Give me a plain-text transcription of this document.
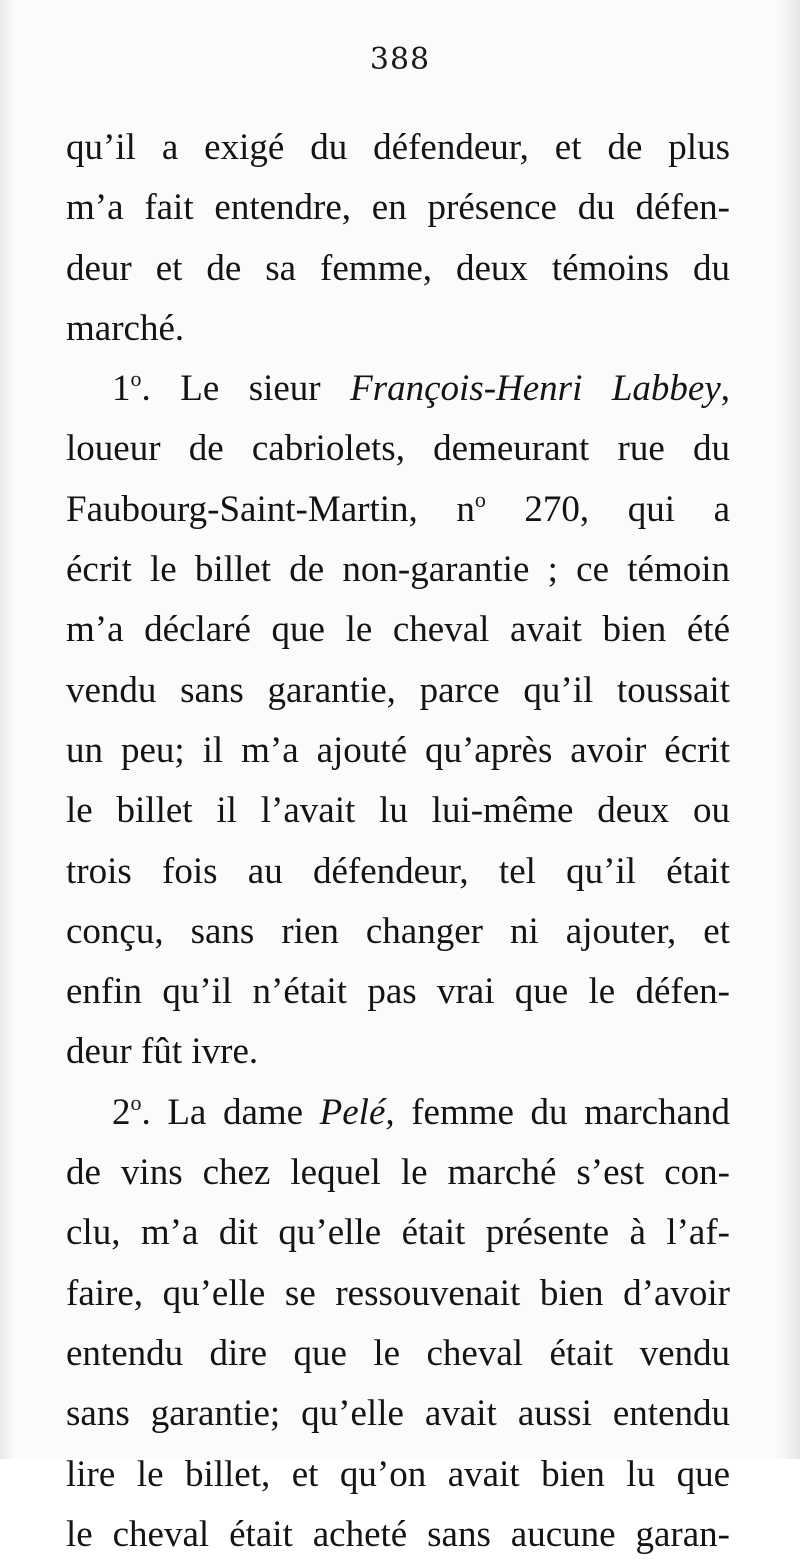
388
qu’il a exigé du défendeur, et de plus
m’a fait entendre, en présence du défen-
deur et de sa femme, deux témoins du
marché.
1$^o$. Le sieur François-Henri Labbey,
loueur de cabriolets, demeurant rue du
Faubourg-Saint-Martin, $n^o$ 270, qui a
écrit le billet de non-garantie ; ce témoin
m’a déclaré que le cheval avait bien été
vendu sans garantie, parce qu’il toussait
un peu; il m’a ajouté qu’après avoir écrit
le billet il l’avait lu lui-même deux ou
trois fois au défendeur, tel qu’il était
conçu, sans rien changer ni ajouter, et
enfin qu’il n’était pas vrai que le défen-
deur fût ivre.
2$^o$. La dame Pelé, femme du marchand
de vins chez lequel le marché s’est con-
clu, m’a dit qu’elle était présente à l’af-
faire, qu’elle se ressouvenait bien d’avoir
entendu dire que le cheval était vendu
sans garantie; qu’elle avait aussi entendu
lire le billet, et qu’on avait bien lu que
le cheval était acheté sans aucune garan-
